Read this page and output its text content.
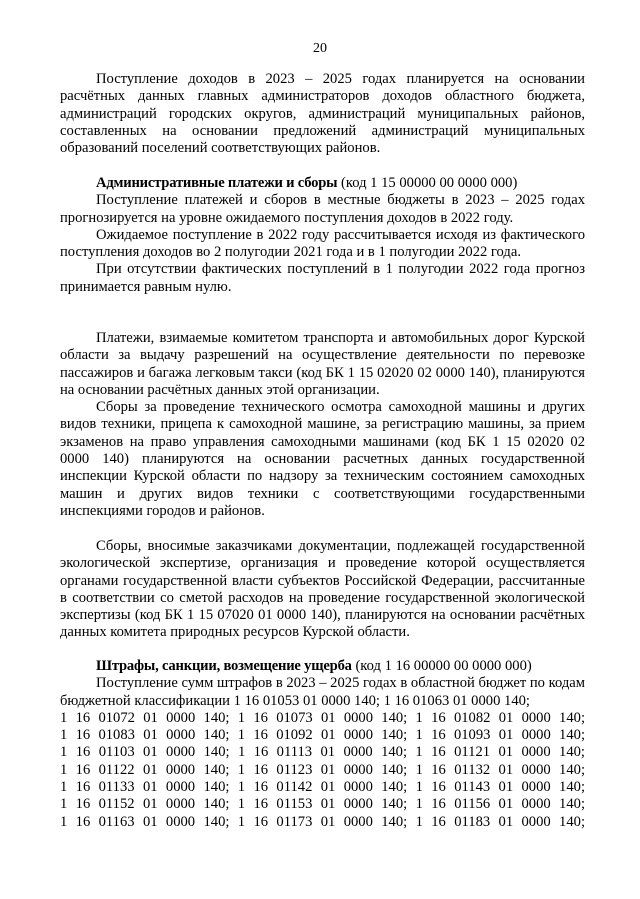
20

Поступление доходов в 2023 – 2025 годах планируется на основании расчётных данных главных администраторов доходов областного бюджета, администраций городских округов, администраций муниципальных районов, составленных на основании предложений администраций муниципальных образований поселений соответствующих районов.

Административные платежи и сборы (код 1 15 00000 00 0000 000)

Поступление платежей и сборов в местные бюджеты в 2023 – 2025 годах прогнозируется на уровне ожидаемого поступления доходов в 2022 году.

Ожидаемое поступление в 2022 году рассчитывается исходя из фактического поступления доходов во 2 полугодии 2021 года и в 1 полугодии 2022 года.

При отсутствии фактических поступлений в 1 полугодии 2022 года прогноз принимается равным нулю.

Платежи, взимаемые комитетом транспорта и автомобильных дорог Курской области за выдачу разрешений на осуществление деятельности по перевозке пассажиров и багажа легковым такси (код БК 1 15 02020 02 0000 140), планируются на основании расчётных данных этой организации.

Сборы за проведение технического осмотра самоходной машины и других видов техники, прицепа к самоходной машине, за регистрацию машины, за прием экзаменов на право управления самоходными машинами (код БК 1 15 02020 02 0000 140) планируются на основании расчетных данных государственной инспекции Курской области по надзору за техническим состоянием самоходных машин и других видов техники с соответствующими государственными инспекциями городов и районов.

Сборы, вносимые заказчиками документации, подлежащей государственной экологической экспертизе, организация и проведение которой осуществляется органами государственной власти субъектов Российской Федерации, рассчитанные в соответствии со сметой расходов на проведение государственной экологической экспертизы (код БК 1 15 07020 01 0000 140), планируются на основании расчётных данных комитета природных ресурсов Курской области.

Штрафы, санкции, возмещение ущерба (код 1 16 00000 00 0000 000)

Поступление сумм штрафов в 2023 – 2025 годах в областной бюджет по кодам бюджетной классификации 1 16 01053 01 0000 140; 1 16 01063 01 0000 140;

1 16 01072 01 0000 140; 1 16 01073 01 0000 140; 1 16 01082 01 0000 140;
1 16 01083 01 0000 140; 1 16 01092 01 0000 140; 1 16 01093 01 0000 140;
1 16 01103 01 0000 140; 1 16 01113 01 0000 140; 1 16 01121 01 0000 140;
1 16 01122 01 0000 140; 1 16 01123 01 0000 140; 1 16 01132 01 0000 140;
1 16 01133 01 0000 140; 1 16 01142 01 0000 140; 1 16 01143 01 0000 140;
1 16 01152 01 0000 140; 1 16 01153 01 0000 140; 1 16 01156 01 0000 140;
1 16 01163 01 0000 140; 1 16 01173 01 0000 140; 1 16 01183 01 0000 140;
